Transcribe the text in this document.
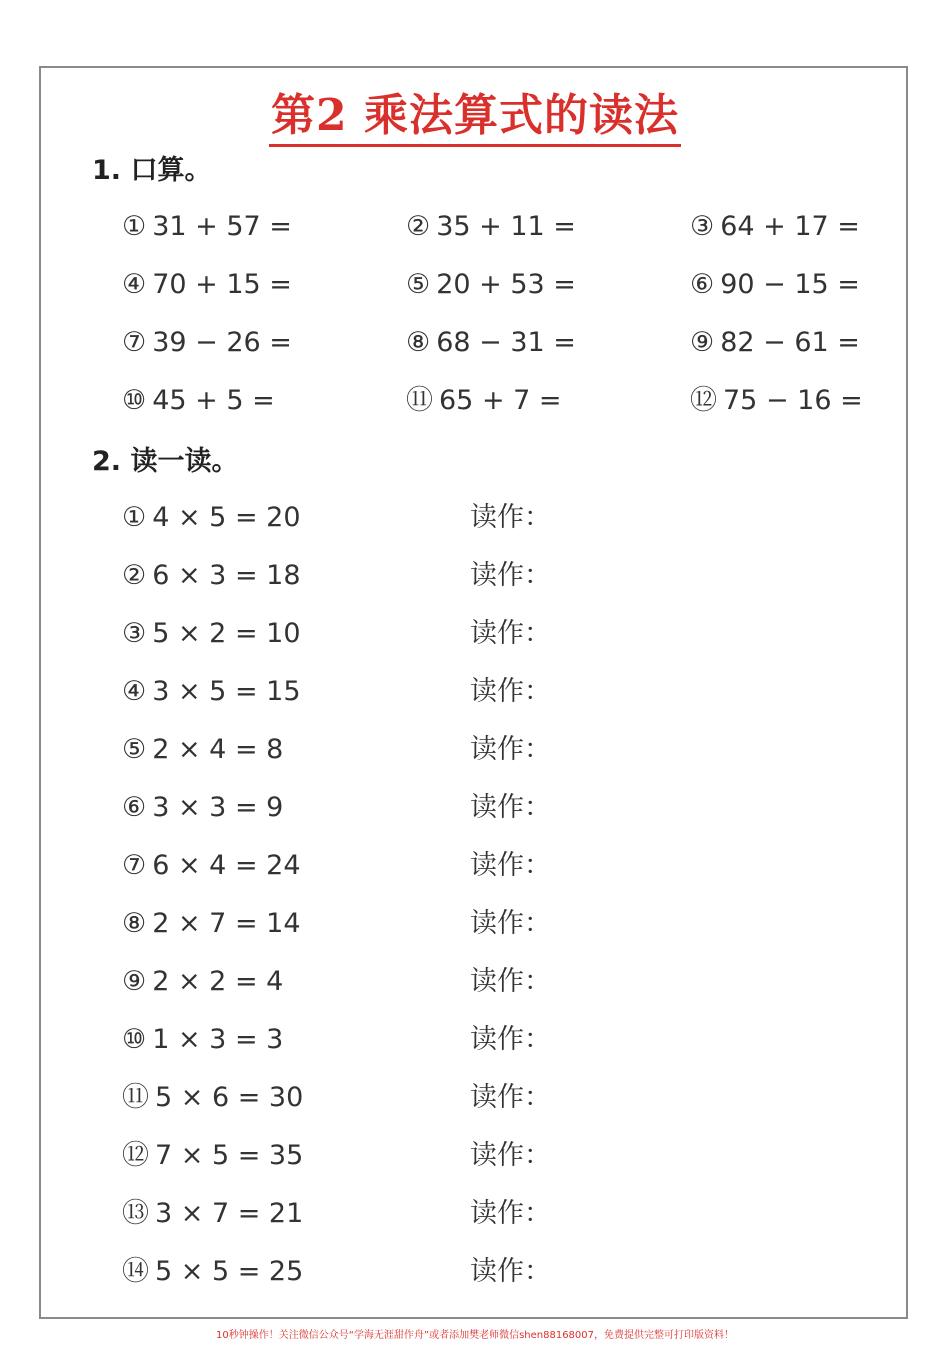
第2 乘法算式的读法
1. 口算。
① 31 + 57 =	② 35 + 11 =	③ 64 + 17 =
④ 70 + 15 =	⑤ 20 + 53 =	⑥ 90 − 15 =
⑦ 39 − 26 =	⑧ 68 − 31 =	⑨ 82 − 61 =
⑩ 45 + 5 =	⑪ 65 + 7 =	⑫ 75 − 16 =
2. 读一读。
① 4 × 5 = 20	读作：
② 6 × 3 = 18	读作：
③ 5 × 2 = 10	读作：
④ 3 × 5 = 15	读作：
⑤ 2 × 4 = 8	读作：
⑥ 3 × 3 = 9	读作：
⑦ 6 × 4 = 24	读作：
⑧ 2 × 7 = 14	读作：
⑨ 2 × 2 = 4	读作：
⑩ 1 × 3 = 3	读作：
⑪ 5 × 6 = 30	读作：
⑫ 7 × 5 = 35	读作：
⑬ 3 × 7 = 21	读作：
⑭ 5 × 5 = 25	读作：
10秒钟操作！关注微信公众号“学海无涯甜作舟”或者添加樊老师微信shen88168007，免费提供完整可打印版资料！
